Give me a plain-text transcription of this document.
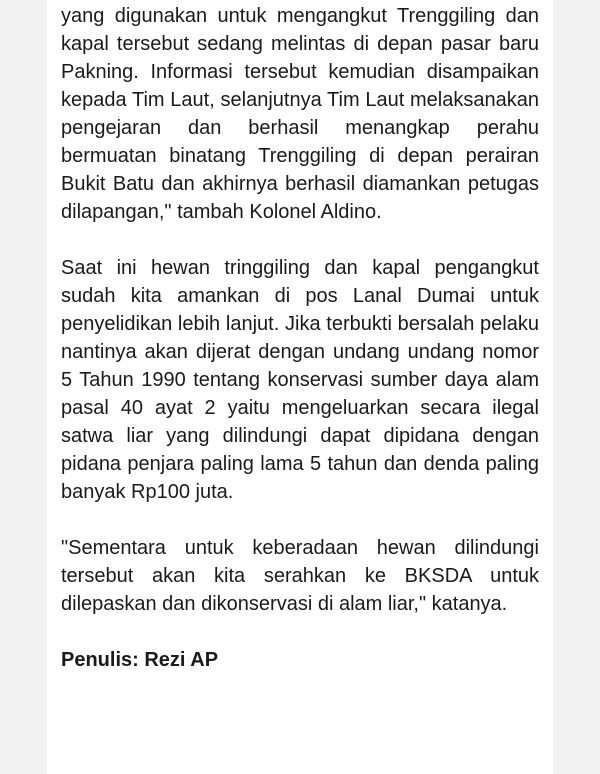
yang digunakan untuk mengangkut Trenggiling dan kapal tersebut sedang melintas di depan pasar baru Pakning. Informasi tersebut kemudian disampaikan kepada Tim Laut, selanjutnya Tim Laut melaksanakan pengejaran dan berhasil menangkap perahu bermuatan binatang Trenggiling di depan perairan Bukit Batu dan akhirnya berhasil diamankan petugas dilapangan," tambah Kolonel Aldino.

Saat ini hewan tringgiling dan kapal pengangkut sudah kita amankan di pos Lanal Dumai untuk penyelidikan lebih lanjut. Jika terbukti bersalah pelaku nantinya akan dijerat dengan undang undang nomor 5 Tahun 1990 tentang konservasi sumber daya alam pasal 40 ayat 2 yaitu mengeluarkan secara ilegal satwa liar yang dilindungi dapat dipidana dengan pidana penjara paling lama 5 tahun dan denda paling banyak Rp100 juta.

"Sementara untuk keberadaan hewan dilindungi tersebut akan kita serahkan ke BKSDA untuk dilepaskan dan dikonservasi di alam liar," katanya.

Penulis: Rezi AP
